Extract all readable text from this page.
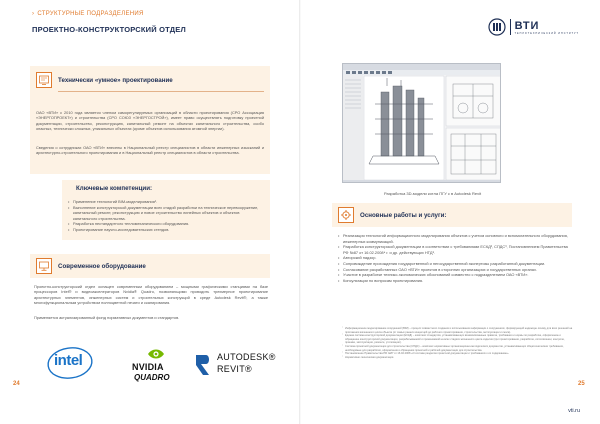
› СТРУКТУРНЫЕ ПОДРАЗДЕЛЕНИЯ
ПРОЕКТНО-КОНСТРУКТОРСКИЙ ОТДЕЛ
Технически «умное» проектирование
ОАО «ВТИ» с 2010 года является членом саморегулируемых организаций в области проектирования (СРО Ассоциация «ЭНЕРГОПРОЕКТ») и строительства (СРО СОЮЗ «ЭНЕРГОСТРОЙ»), имеет право осуществлять подготовку проектной документации, строительство, реконструкцию, капитальный ремонт на объектах капитального строительства, особо опасных, технически сложных, уникальных объектах (кроме объектов использования атомной энергии).
Сведения о сотрудниках ОАО «ВТИ» внесены в Национальный реестр специалистов в области инженерных изысканий и архитектурно-строительного проектирования и в Национальный реестр специалистов в области строительства.
Ключевые компетенции:
• Применение технологий BIM-моделирования¹.
• Выполнение конструкторской документации всех стадий разработки на техническое перевооружение, капитальный ремонт, реконструкцию и новое строительство линейных объектов и объектов капитального строительства.
• Разработка нестандартного тепломеханического оборудования.
• Проектирование научно-исследовательских стендов.
Современное оборудование
Проектно-конструкторский отдел оснащен современным оборудованием – мощными графическими станциями на базе процессоров Intel® и видеоакселераторов Nvidia® Quadro, позволяющими проводить трехмерное проектирование архитектурных элементов, инженерных систем и строительных конструкций в среде Autodesk Revit®, а также многофункциональным устройством полноцветной печати и сканирования.
Применяется актуализированный фонд нормативных документов и стандартов.
24
intel	NVIDIA
QUADRO
AUTODESK®
REVIT®
ВТИ
ТЕПЛОТЕХНИЧЕСКИЙ ИНСТИТУТ
Разработка 3D-модели котла ПГУ с в Autodesk Revit
Основные работы и услуги:
• Реализация технологий информационного моделирования объектов с учетом основного и вспомогательного оборудования, инженерных коммуникаций.
• Разработка конструкторской документации в соответствии с требованиями ЕСКД², СПДС³, Постановлением Правительства РФ №87 от 16.02.2008⁴ г. и др. действующих НТД⁵.
• Авторский надзор.
• Сопровождение прохождения государственной и негосударственной экспертизы разработанной документации.
• Согласование разработанных ОАО «ВТИ» проектов в сторонних организациях и государственных органах.
• Участие в разработке технико-экономических обоснований совместно с подразделением ОАО «ВТИ».
• Консультации по вопросам проектирования.
¹ Информационное моделирование сооружений (BIM) – процесс совместного создания и использования информации о сооружениях, формирующий надежную основу для всех решений на протяжении жизненного цикла объекта (от самых ранних концепций до рабочего проектирования, строительства, эксплуатации и сноса).
¹ Единая система конструкторской документации (ЕСКД) – комплекс стандартов, устанавливающих взаимосвязанные правила, требования и нормы по разработке, оформлению и обращению конструкторской документации, разрабатываемой и применяемой на всех стадиях жизненного цикла изделия (при проектировании, разработке, изготовлении, контроле, приемке, эксплуатации, ремонте, утилизации).
¹ Система проектной документации для строительства (СПДС) – комплекс нормативных организационно-методических документов, устанавливающих общетехнические требования, необходимые для разработки, оформления и обращения проектной и рабочей документации для строительства.
¹ Постановление Правительства РФ №87 от 16.02.2008 «О составе разделов проектной документации и требованиях к их содержанию».
¹ Нормативно-техническая документация.
25
vti.ru
